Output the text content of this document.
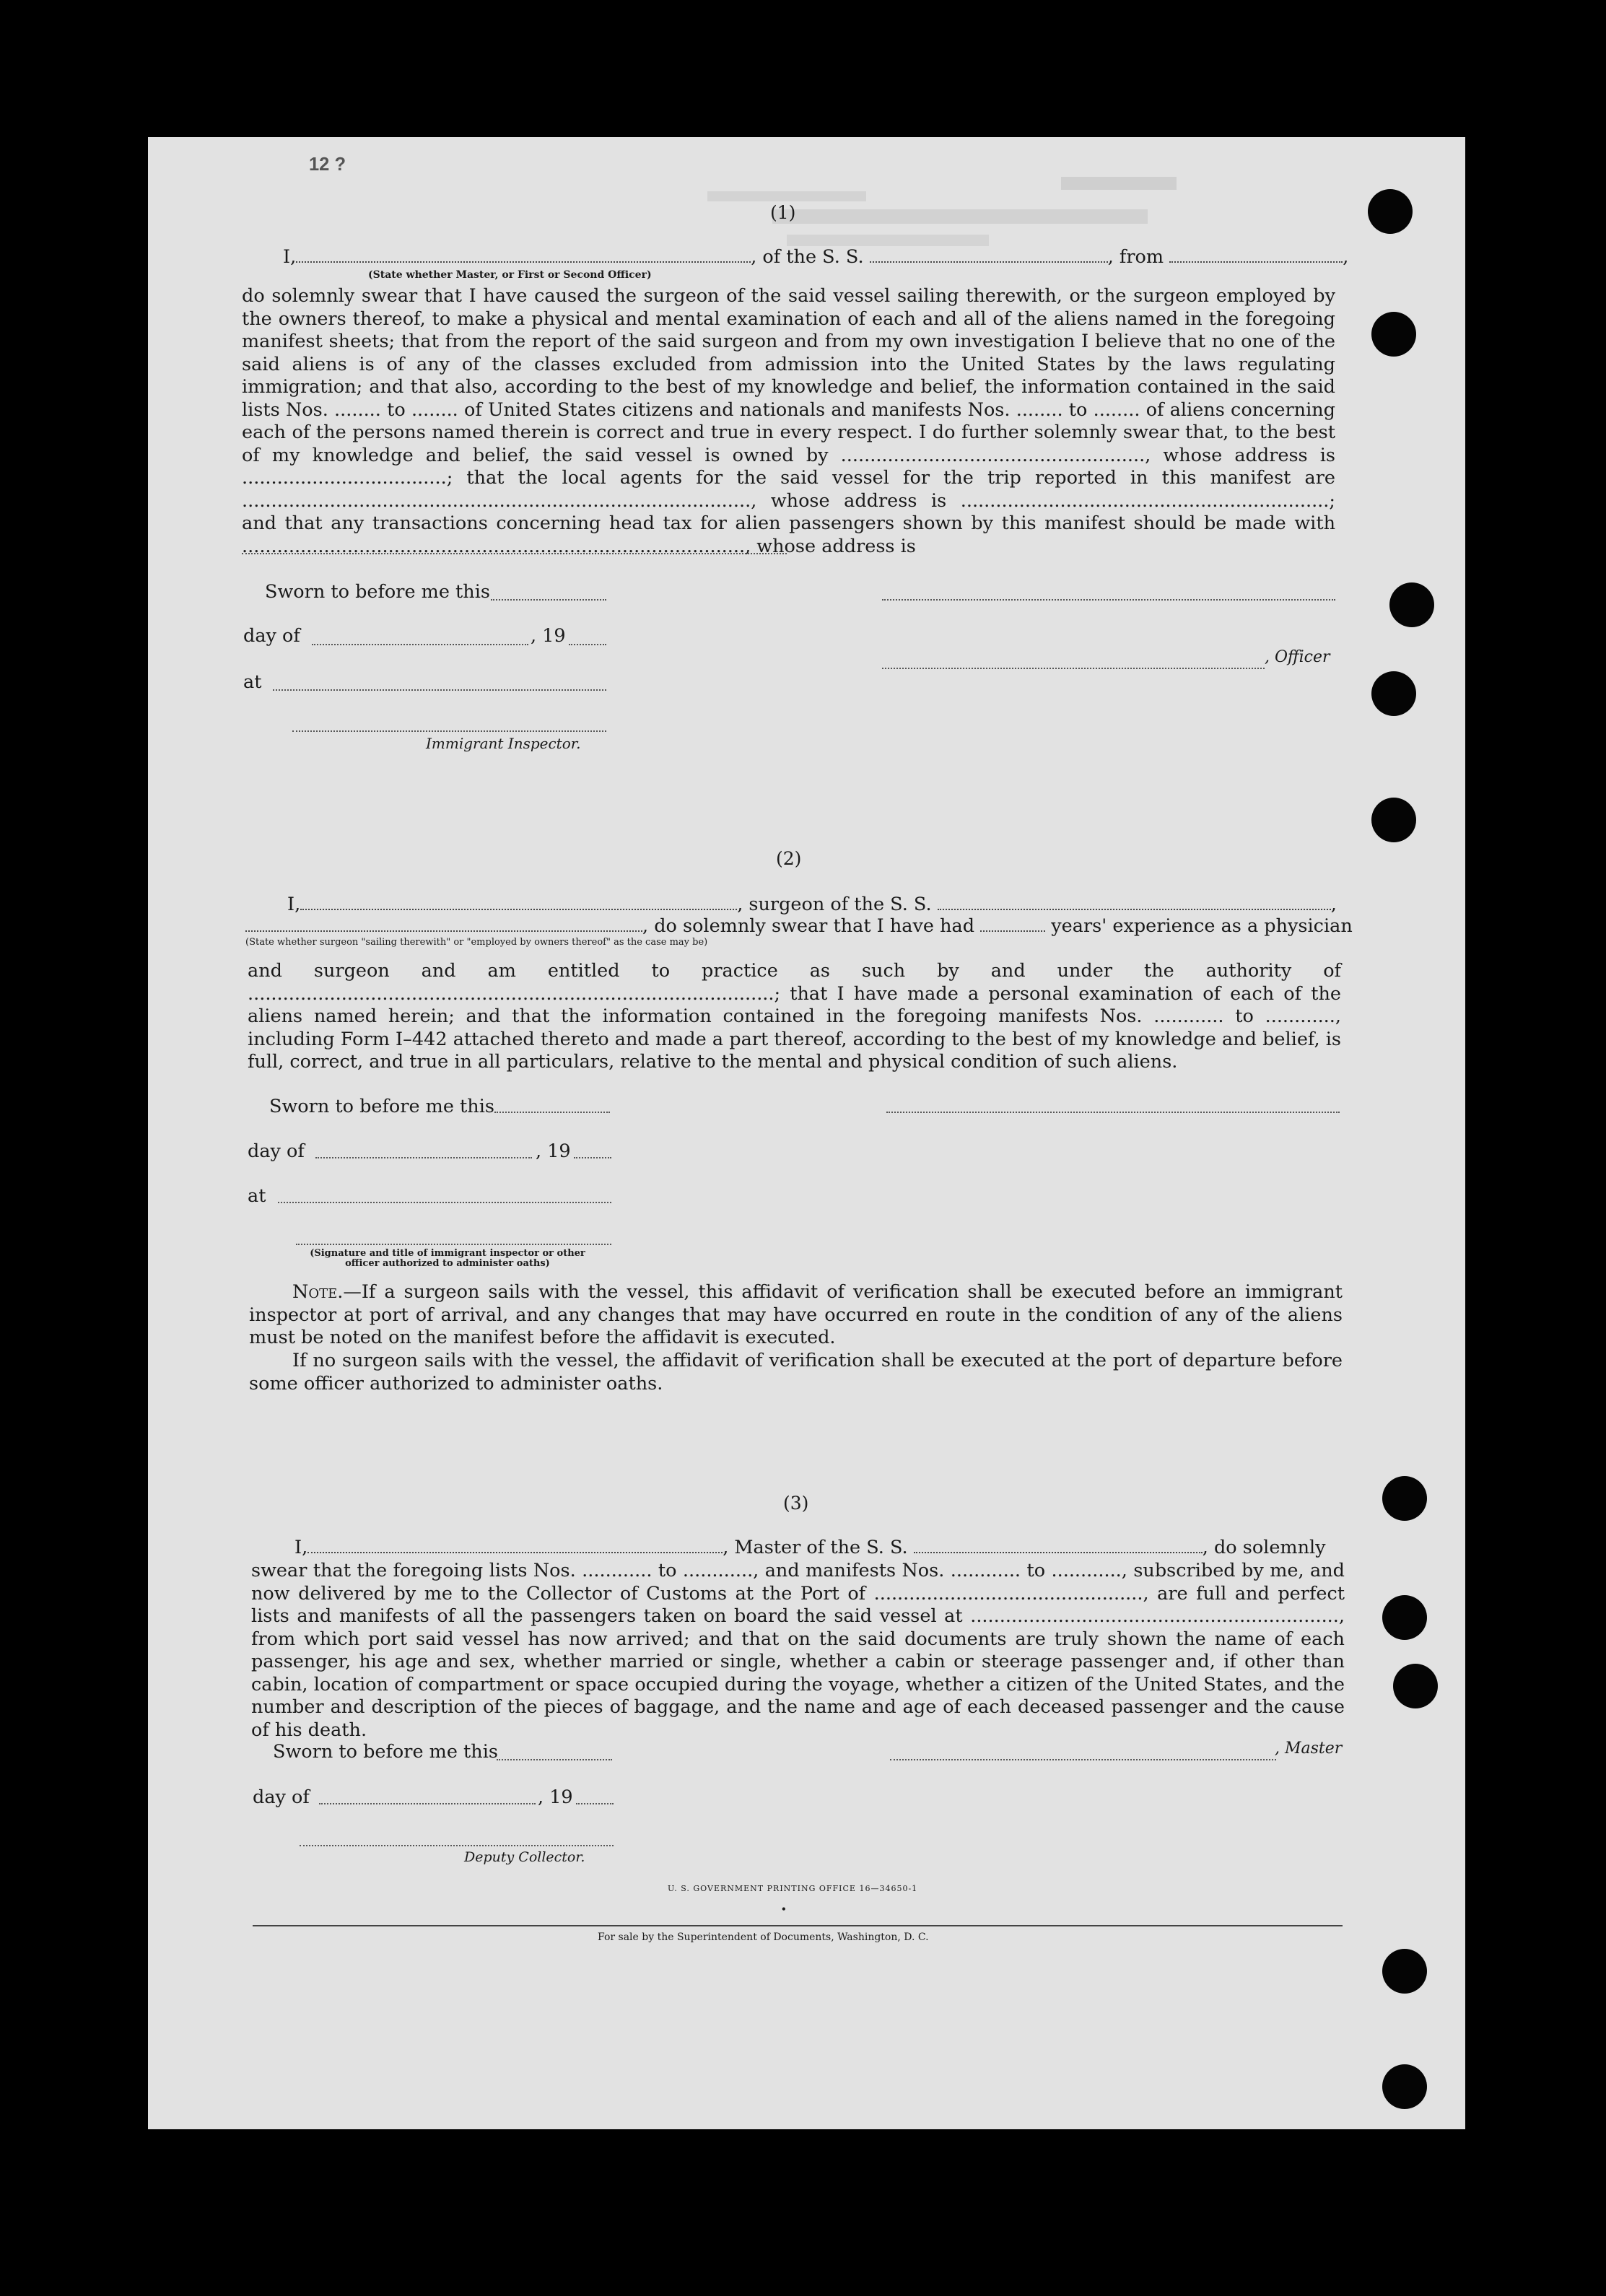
12 ?
(1)
I,	, of the S. S.	, from	,
(State whether Master, or First or Second Officer)
do solemnly swear that I have caused the surgeon of the said vessel sailing therewith, or the surgeon employed by the owners thereof, to make a physical and mental examination of each and all of the aliens named in the foregoing manifest sheets; that from the report of the said surgeon and from my own investigation I believe that no one of the said aliens is of any of the classes excluded from admission into the United States by the laws regulating immigration; and that also, according to the best of my knowledge and belief, the information contained in the said lists Nos. ........ to ........ of United States citizens and nationals and manifests Nos. ........ to ........ of aliens concerning each of the persons named therein is correct and true in every respect. I do further solemnly swear that, to the best of my knowledge and belief, the said vessel is owned by ...................................................., whose address is ...................................; that the local agents for the said vessel for the trip reported in this manifest are ......................................................................................., whose address is ...............................................................; and that any transactions concerning head tax for alien passengers shown by this manifest should be made with ......................................................................................, whose address is
Sworn to before me this
day of	, 19
, Officer
at
Immigrant Inspector.
(2)
I,	, surgeon of the S. S.	,
, do solemnly swear that I have had	years' experience as a physician
(State whether surgeon "sailing therewith" or "employed by owners thereof" as the case may be)
and surgeon and am entitled to practice as such by and under the authority of ..........................................................................................; that I have made a personal examination of each of the aliens named herein; and that the information contained in the foregoing manifests Nos. ............ to ............, including Form I–442 attached thereto and made a part thereof, according to the best of my knowledge and belief, is full, correct, and true in all particulars, relative to the mental and physical condition of such aliens.
Sworn to before me this
day of	, 19
at
(Signature and title of immigrant inspector or other officer authorized to administer oaths)
Note.—If a surgeon sails with the vessel, this affidavit of verification shall be executed before an immigrant inspector at port of arrival, and any changes that may have occurred en route in the condition of any of the aliens must be noted on the manifest before the affidavit is executed.
If no surgeon sails with the vessel, the affidavit of verification shall be executed at the port of departure before some officer authorized to administer oaths.
(3)
I,	, Master of the S. S.	, do solemnly
swear that the foregoing lists Nos. ............ to ............, and manifests Nos. ............ to ............, subscribed by me, and now delivered by me to the Collector of Customs at the Port of .............................................., are full and perfect lists and manifests of all the passengers taken on board the said vessel at ..............................................................., from which port said vessel has now arrived; and that on the said documents are truly shown the name of each passenger, his age and sex, whether married or single, whether a cabin or steerage passenger and, if other than cabin, location of compartment or space occupied during the voyage, whether a citizen of the United States, and the number and description of the pieces of baggage, and the name and age of each deceased passenger and the cause of his death.
Sworn to before me this	, Master
day of	, 19
Deputy Collector.
U. S. GOVERNMENT PRINTING OFFICE 16—34650-1
•
For sale by the Superintendent of Documents, Washington, D. C.
